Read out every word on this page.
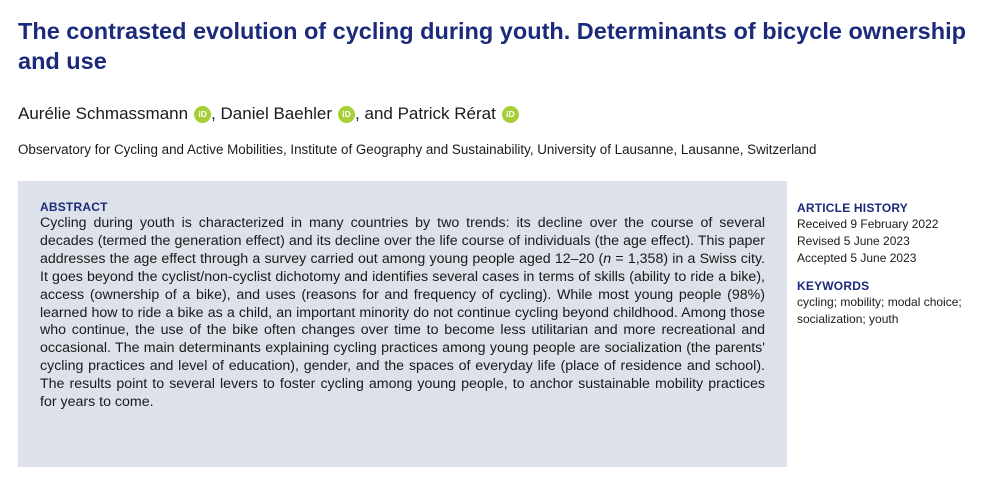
The contrasted evolution of cycling during youth. Determinants of bicycle ownership and use
Aurélie Schmassmann	iD , Daniel Baehler	iD , and Patrick Rérat	iD
Observatory for Cycling and Active Mobilities, Institute of Geography and Sustainability, University of Lausanne, Lausanne, Switzerland
ABSTRACT
Cycling during youth is characterized in many countries by two trends: its decline over the course of several decades (termed the generation effect) and its decline over the life course of individuals (the age effect). This paper addresses the age effect through a survey carried out among young people aged 12–20 (n = 1,358) in a Swiss city. It goes beyond the cyclist/non-cyclist dichotomy and identifies several cases in terms of skills (ability to ride a bike), access (ownership of a bike), and uses (reasons for and frequency of cycling). While most young people (98%) learned how to ride a bike as a child, an important minority do not continue cycling beyond childhood. Among those who continue, the use of the bike often changes over time to become less utilitarian and more recreational and occasional. The main determinants explaining cycling practices among young people are socialization (the parents' cycling practices and level of education), gender, and the spaces of everyday life (place of residence and school). The results point to several levers to foster cycling among young people, to anchor sustainable mobility practices for years to come.
ARTICLE HISTORY
Received 9 February 2022
Revised 5 June 2023
Accepted 5 June 2023
KEYWORDS
cycling; mobility; modal choice; socialization; youth
